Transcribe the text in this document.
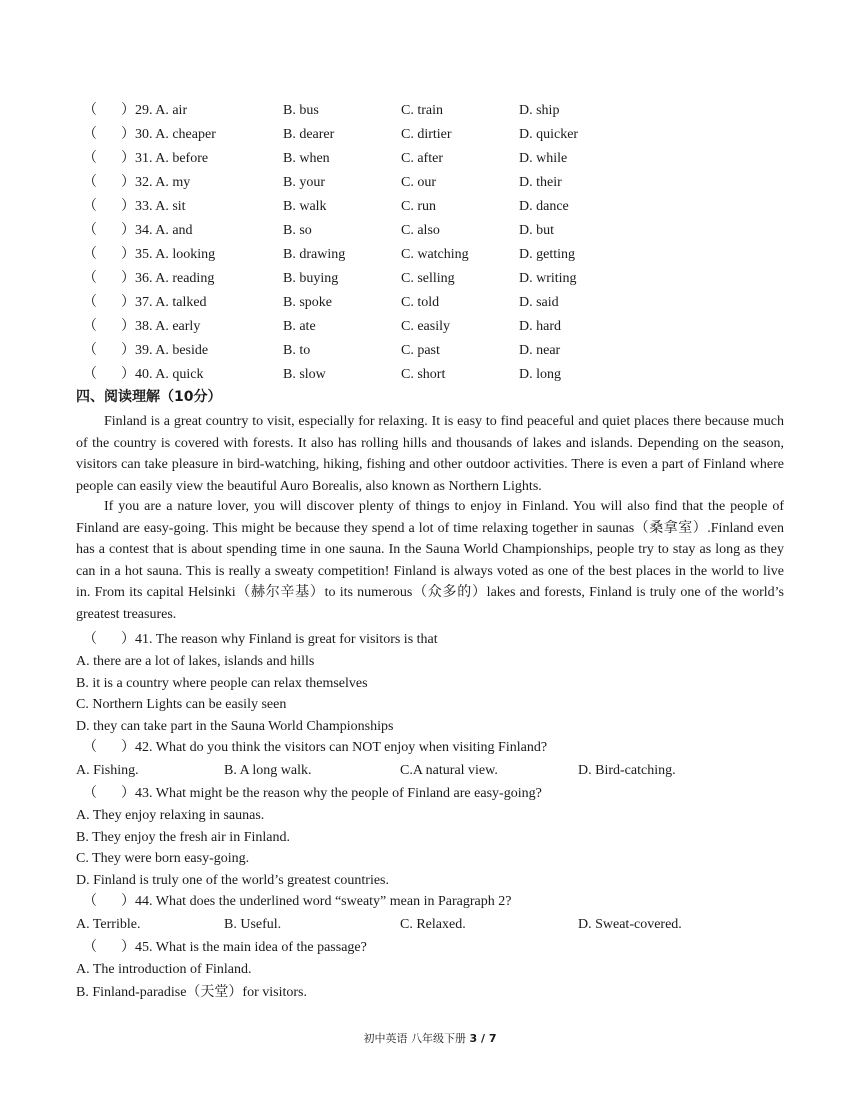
（ ）29. A. air	B. bus	C. train	D. ship
（ ）30. A. cheaper	B. dearer	C. dirtier	D. quicker
（ ）31. A. before	B. when	C. after	D. while
（ ）32. A. my	B. your	C. our	D. their
（ ）33. A. sit	B. walk	C. run	D. dance
（ ）34. A. and	B. so	C. also	D. but
（ ）35. A. looking	B. drawing	C. watching	D. getting
（ ）36. A. reading	B. buying	C. selling	D. writing
（ ）37. A. talked	B. spoke	C. told	D. said
（ ）38. A. early	B. ate	C. easily	D. hard
（ ）39. A. beside	B. to	C. past	D. near
（ ）40. A. quick	B. slow	C. short	D. long
四、阅读理解（10分）

Finland is a great country to visit, especially for relaxing. It is easy to find peaceful and quiet places there because much of the country is covered with forests. It also has rolling hills and thousands of lakes and islands. Depending on the season, visitors can take pleasure in bird-watching, hiking, fishing and other outdoor activities. There is even a part of Finland where people can easily view the beautiful Auro Borealis, also known as Northern Lights.

If you are a nature lover, you will discover plenty of things to enjoy in Finland. You will also find that the people of Finland are easy-going. This might be because they spend a lot of time relaxing together in saunas（桑拿室）.Finland even has a contest that is about spending time in one sauna. In the Sauna World Championships, people try to stay as long as they can in a hot sauna. This is really a sweaty competition! Finland is always voted as one of the best places in the world to live in. From its capital Helsinki（赫尔辛基）to its numerous（众多的）lakes and forests, Finland is truly one of the world’s greatest treasures.

（ ）41. The reason why Finland is great for visitors is that
A. there are a lot of lakes, islands and hills
B. it is a country where people can relax themselves
C. Northern Lights can be easily seen
D. they can take part in the Sauna World Championships
（ ）42. What do you think the visitors can NOT enjoy when visiting Finland?
A. Fishing.	B. A long walk.	C.A natural view.	D. Bird-catching.
（ ）43. What might be the reason why the people of Finland are easy-going?
A. They enjoy relaxing in saunas.
B. They enjoy the fresh air in Finland.
C. They were born easy-going.
D. Finland is truly one of the world’s greatest countries.
（ ）44. What does the underlined word “sweaty” mean in Paragraph 2?
A. Terrible.	B. Useful.	C. Relaxed.	D. Sweat-covered.
（ ）45. What is the main idea of the passage?
A. The introduction of Finland.
B. Finland-paradise（天堂）for visitors.
初中英语 八年级下册 3 / 7
